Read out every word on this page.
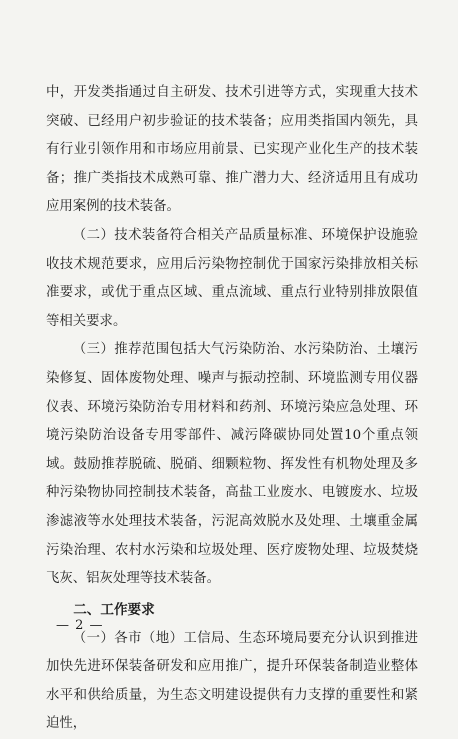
中，开发类指通过自主研发、技术引进等方式，实现重大技术突破、已经用户初步验证的技术装备；应用类指国内领先，具有行业引领作用和市场应用前景、已实现产业化生产的技术装备；推广类指技术成熟可靠、推广潜力大、经济适用且有成功应用案例的技术装备。

（二）技术装备符合相关产品质量标准、环境保护设施验收技术规范要求，应用后污染物控制优于国家污染排放相关标准要求，或优于重点区域、重点流域、重点行业特别排放限值等相关要求。

（三）推荐范围包括大气污染防治、水污染防治、土壤污染修复、固体废物处理、噪声与振动控制、环境监测专用仪器仪表、环境污染防治专用材料和药剂、环境污染应急处理、环境污染防治设备专用零部件、减污降碳协同处置10个重点领域。鼓励推荐脱硫、脱硝、细颗粒物、挥发性有机物处理及多种污染物协同控制技术装备，高盐工业废水、电镀废水、垃圾渗滤液等水处理技术装备，污泥高效脱水及处理、土壤重金属污染治理、农村水污染和垃圾处理、医疗废物处理、垃圾焚烧飞灰、铝灰处理等技术装备。

二、工作要求

（一）各市（地）工信局、生态环境局要充分认识到推进加快先进环保装备研发和应用推广，提升环保装备制造业整体水平和供给质量，为生态文明建设提供有力支撑的重要性和紧迫性，

— 2 —
